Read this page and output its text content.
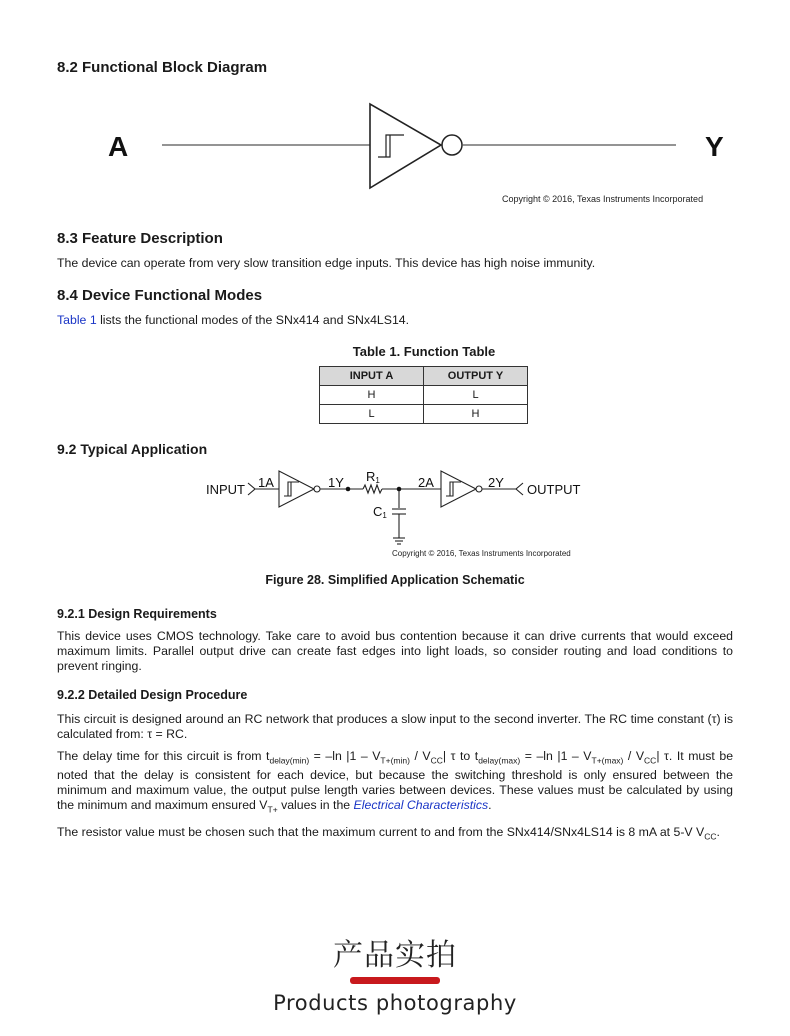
8.2 Functional Block Diagram
A	Y
Copyright © 2016, Texas Instruments Incorporated
8.3 Feature Description
The device can operate from very slow transition edge inputs. This device has high noise immunity.
8.4 Device Functional Modes
Table 1 lists the functional modes of the SNx414 and SNx4LS14.
Table 1. Function Table
INPUT A	OUTPUT Y
H	L
L	H
9.2 Typical Application
INPUT 1A	1Y R1
C1
2A	2Y OUTPUT
Copyright © 2016, Texas Instruments Incorporated
Figure 28. Simplified Application Schematic
9.2.1 Design Requirements
This device uses CMOS technology. Take care to avoid bus contention because it can drive currents that would exceed maximum limits. Parallel output drive can create fast edges into light loads, so consider routing and load conditions to prevent ringing.
9.2.2 Detailed Design Procedure

This circuit is designed around an RC network that produces a slow input to the second inverter. The RC time constant (τ) is calculated from: τ = RC.

The delay time for this circuit is from $t_{delay(min)} = -\ln$ $|1 - V_{T+(min)} / V_{CC}|$ τ to $t_{delay(max)} = -\ln$ $|1 - V_{T+(max)} / V_{CC}|$ τ. It must be noted that the delay is consistent for each device, but because the switching threshold is only ensured between the minimum and maximum value, the output pulse length varies between devices. These values must be calculated by using the minimum and maximum ensured $V_{T+}$ values in the Electrical Characteristics.

The resistor value must be chosen such that the maximum current to and from the SNx414/SNx4LS14 is 8 mA at 5-V $V_{CC}$.

产品实拍
Products photography
